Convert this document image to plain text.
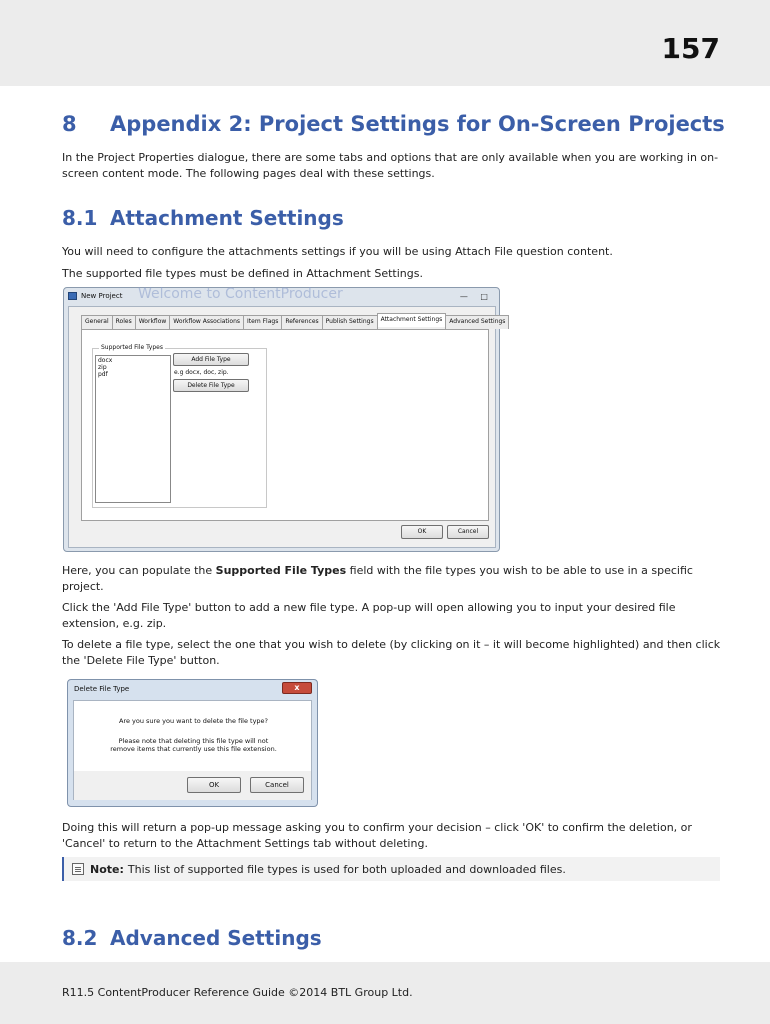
157
8 Appendix 2: Project Settings for On-Screen Projects

In the Project Properties dialogue, there are some tabs and options that are only available when you are working in on-screen content mode. The following pages deal with these settings.

8.1 Attachment Settings

You will need to configure the attachments settings if you will be using Attach File question content.

The supported file types must be defined in Attachment Settings.

New Project Welcome to ContentProducer	— □
General	Roles	Workflow	Workflow Associations	Item Flags	References	Publish Settings	Attachment Settings	Advanced Settings
Supported File Types
docx
zip
pdf
Add File Type
e.g docx, doc, zip.
Delete File Type
OK	Cancel

Here, you can populate the Supported File Types field with the file types you wish to be able to use in a specific project.

Click the 'Add File Type' button to add a new file type. A pop-up will open allowing you to input your desired file extension, e.g. zip.

To delete a file type, select the one that you wish to delete (by clicking on it – it will become highlighted) and then click the 'Delete File Type' button.

Delete File Type	x
Are you sure you want to delete the file type?
Please note that deleting this file type will not
remove items that currently use this file extension.
OK	Cancel

Doing this will return a pop-up message asking you to confirm your decision – click 'OK' to confirm the deletion, or 'Cancel' to return to the Attachment Settings tab without deleting.

Note: This list of supported file types is used for both uploaded and downloaded files.
8.2 Advanced Settings
R11.5 ContentProducer Reference Guide ©2014 BTL Group Ltd.
